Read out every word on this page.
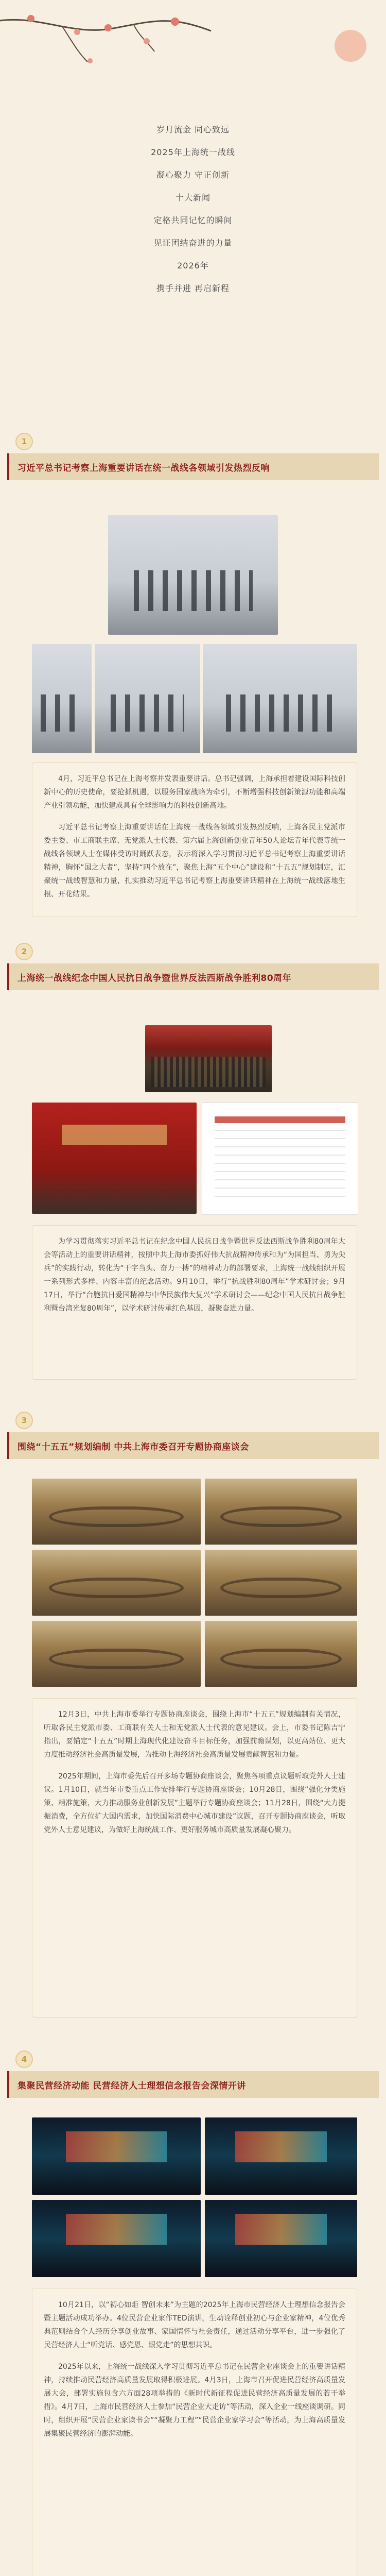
岁月流金 同心致远
2025年上海统一战线
凝心聚力 守正创新
十大新闻
定格共同记忆的瞬间
见证团结奋进的力量
2026年
携手并进 再启新程
1
习近平总书记考察上海重要讲话在统一战线各领域引发热烈反响

4月，习近平总书记在上海考察并发表重要讲话。总书记强调，上海承担着建设国际科技创新中心的历史使命，要抢抓机遇，以服务国家战略为牵引，不断增强科技创新策源功能和高端产业引领功能，加快建成具有全球影响力的科技创新高地。

习近平总书记考察上海重要讲话在上海统一战线各领域引发热烈反响，上海各民主党派市委主委、市工商联主席、无党派人士代表、第六届上海创新创业青年50人论坛青年代表等统一战线各领域人士在媒体受访时踊跃表态，表示将深入学习贯彻习近平总书记考察上海重要讲话精神，胸怀“国之大者”，坚持“四个放在”，聚焦上海“五个中心”建设和“十五五”规划制定，汇聚统一战线智慧和力量，扎实推动习近平总书记考察上海重要讲话精神在上海统一战线落地生根、开花结果。

2
上海统一战线纪念中国人民抗日战争暨世界反法西斯战争胜利80周年

为学习贯彻落实习近平总书记在纪念中国人民抗日战争暨世界反法西斯战争胜利80周年大会等活动上的重要讲话精神，按照中共上海市委抓好伟大抗战精神传承和为“为国担当、勇为尖兵”的实践行动，转化为“干字当头、奋力一搏”的精神动力的部署要求，上海统一战线组织开展一系列形式多样、内容丰富的纪念活动。9月10日，举行“抗战胜利80周年”学术研讨会；9月17日，举行“台胞抗日爱国精神与中华民族伟大复兴”学术研讨会——纪念中国人民抗日战争胜利暨台湾光复80周年”，以学术研讨传承红色基因，凝聚奋进力量。

3
围绕“十五五”规划编制 中共上海市委召开专题协商座谈会

12月3日，中共上海市委举行专题协商座谈会，围绕上海市“十五五”规划编制有关情况，听取各民主党派市委、工商联有关人士和无党派人士代表的意见建议。会上，市委书记陈吉宁指出，要锚定“十五五”时期上海现代化建设奋斗目标任务，加强前瞻谋划，以更高站位、更大力度推动经济社会高质量发展，为推动上海经济社会高质量发展贡献智慧和力量。

2025年期间，上海市委先后召开多场专题协商座谈会，聚焦各项重点议题听取党外人士建议。1月10日，就当年市委重点工作安排举行专题协商座谈会；10月28日，围绕“强化分类施策、精准施策，大力推动服务业创新发展”主题举行专题协商座谈会；11月28日，围绕“大力提振消费，全方位扩大国内需求，加快国际消费中心城市建设”议题，召开专题协商座谈会，听取党外人士意见建议，为做好上海统战工作、更好服务城市高质量发展凝心聚力。

4
集聚民营经济动能 民营经济人士理想信念报告会深情开讲

10月21日，以“初心如炬 智创未来”为主题的2025年上海市民营经济人士理想信念报告会暨主题活动成功举办。4位民营企业家作TED演讲，生动诠释创业初心与企业家精神，4位优秀典范则结合个人经历分享创业故事、家国情怀与社会责任，通过活动分享平台，进一步强化了民营经济人士“听党话、感党恩、跟党走”的思想共识。

2025年以来，上海统一战线深入学习贯彻习近平总书记在民营企业座谈会上的重要讲话精神，持续推动民营经济高质量发展取得积极进展。4月3日，上海市召开促进民营经济高质量发展大会，部署实施包含六方面28项举措的《新时代新征程促进民营经济高质量发展的若干举措》。4月7日，上海市民营经济人士参加“民营企业大走访”等活动，深入企业一线座谈调研。同时，组织开展“民营企业家读书会”“凝聚力工程”“民营企业家学习会”等活动，为上海高质量发展集聚民营经济的澎湃动能。
